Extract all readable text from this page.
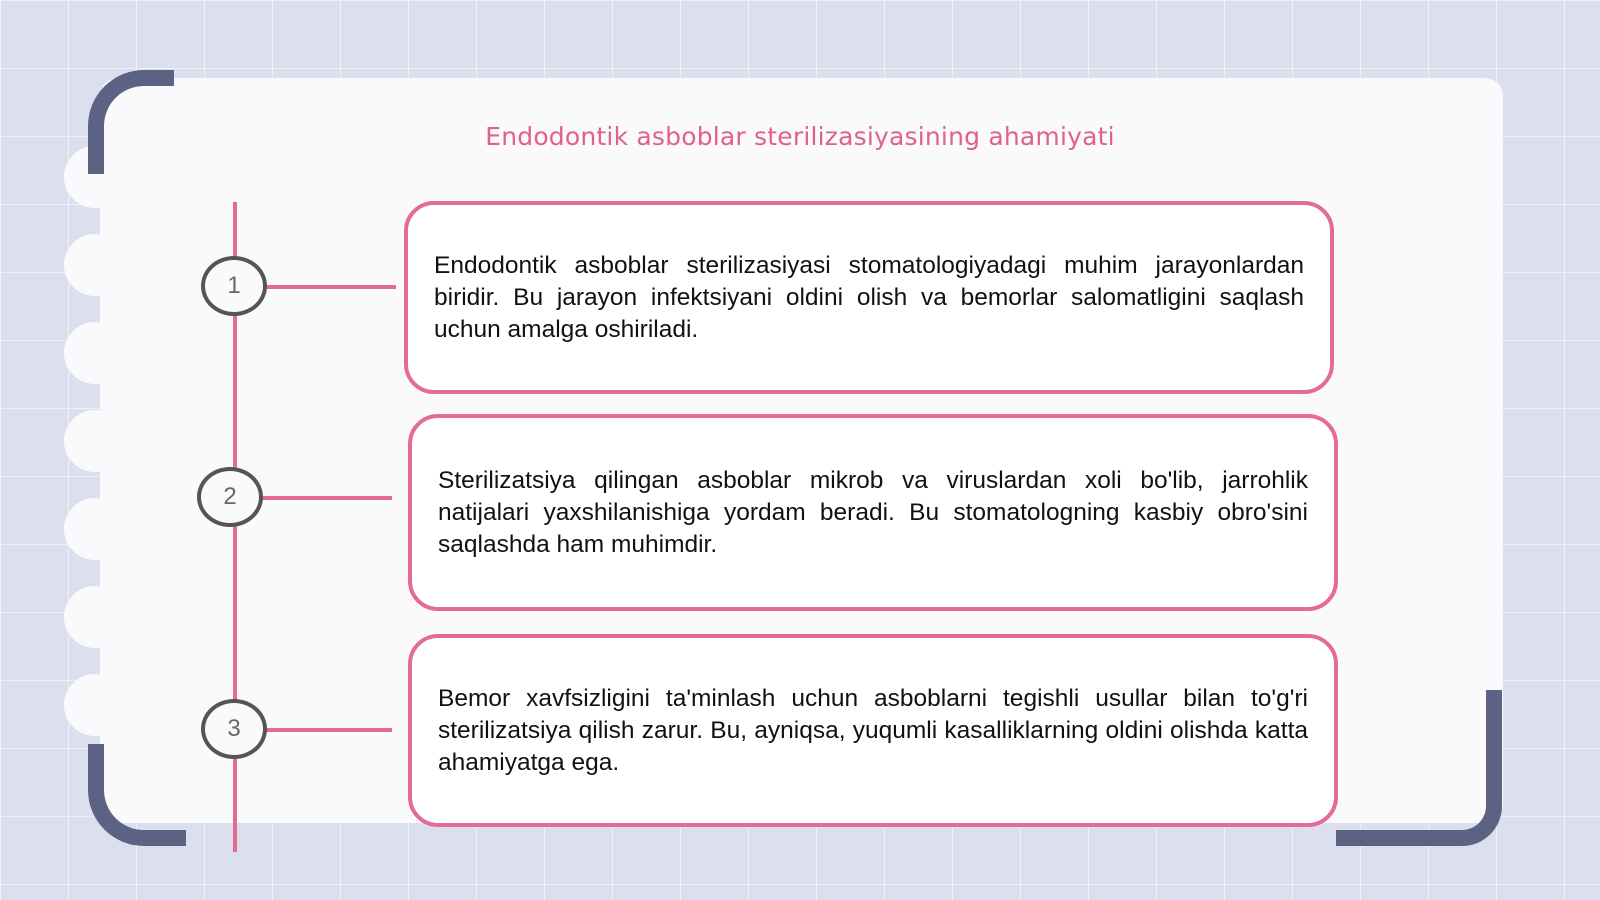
Endodontik asboblar sterilizasiyasining ahamiyati
1

Endodontik asboblar sterilizasiyasi stomatologiyadagi muhim jarayonlardan biridir. Bu jarayon infektsiyani oldini olish va bemorlar salomatligini saqlash uchun amalga oshiriladi.

2

Sterilizatsiya qilingan asboblar mikrob va viruslardan xoli bo'lib, jarrohlik natijalari yaxshilanishiga yordam beradi. Bu stomatologning kasbiy obro'sini saqlashda ham muhimdir.

3

Bemor xavfsizligini ta'minlash uchun asboblarni tegishli usullar bilan to'g'ri sterilizatsiya qilish zarur. Bu, ayniqsa, yuqumli kasalliklarning oldini olishda katta ahamiyatga ega.
